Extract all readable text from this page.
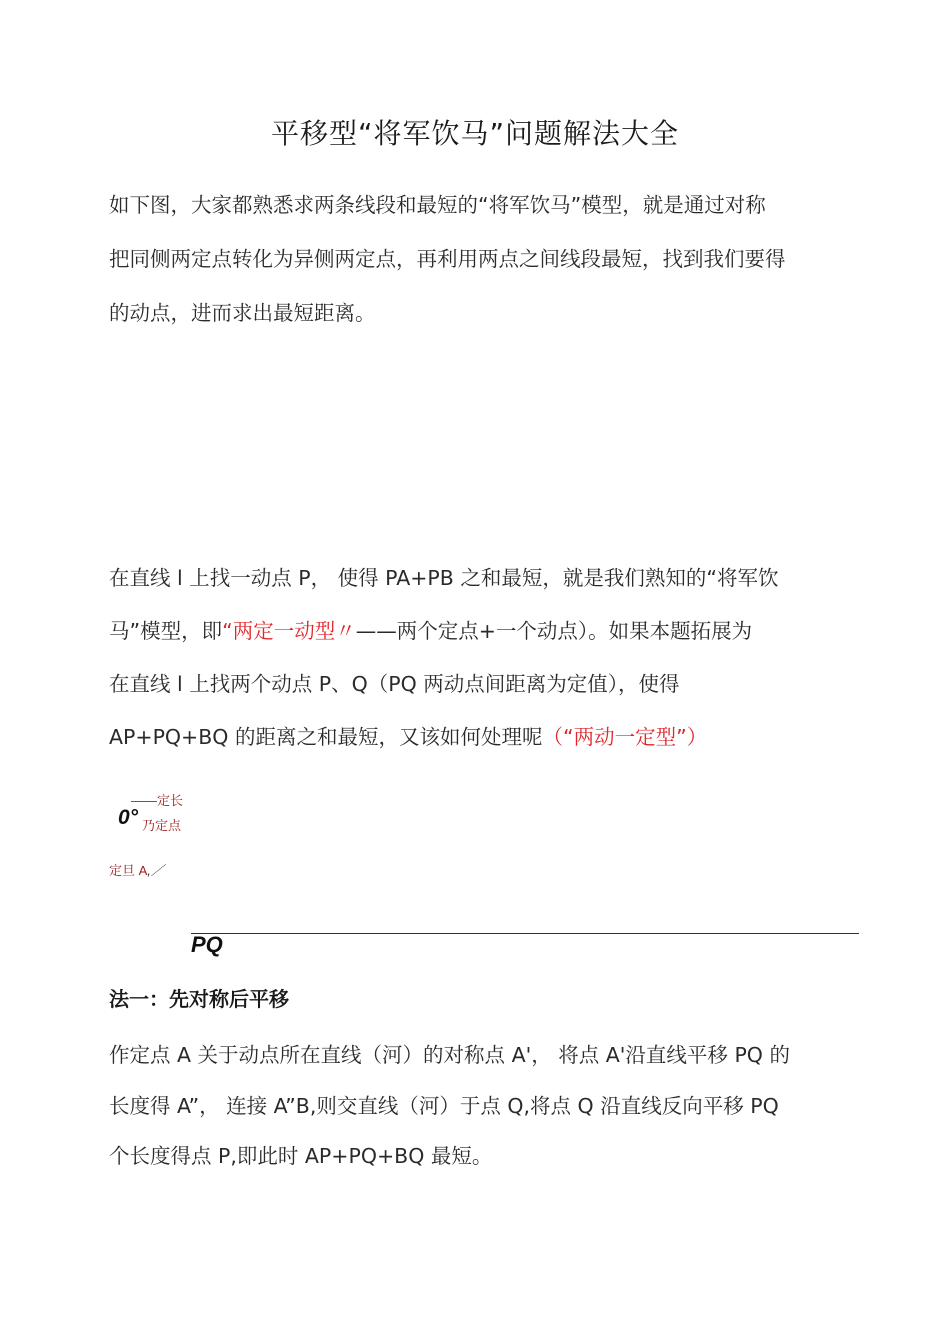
平移型“将军饮马”问题解法大全
如下图，大家都熟悉求两条线段和最短的“将军饮马”模型，就是通过对称
把同侧两定点转化为异侧两定点，再利用两点之间线段最短，找到我们要得
的动点，进而求出最短距离。
在直线 l 上找一动点 P， 使得 PA+PB 之和最短，就是我们熟知的“将军饮
马”模型，即“两定一动型〃——两个定点+一个动点）。如果本题拓展为
在直线 l 上找两个动点 P、Q（PQ 两动点间距离为定值），使得
AP+PQ+BQ 的距离之和最短，又该如何处理呢（“两动一定型”）
——定长
0° 乃定点
定旦 A,／
PQ
法一：先对称后平移
作定点 A 关于动点所在直线（河）的对称点 A'， 将点 A'沿直线平移 PQ 的
长度得 A”， 连接 A”B,则交直线（河）于点 Q,将点 Q 沿直线反向平移 PQ
个长度得点 P,即此时 AP+PQ+BQ 最短。
